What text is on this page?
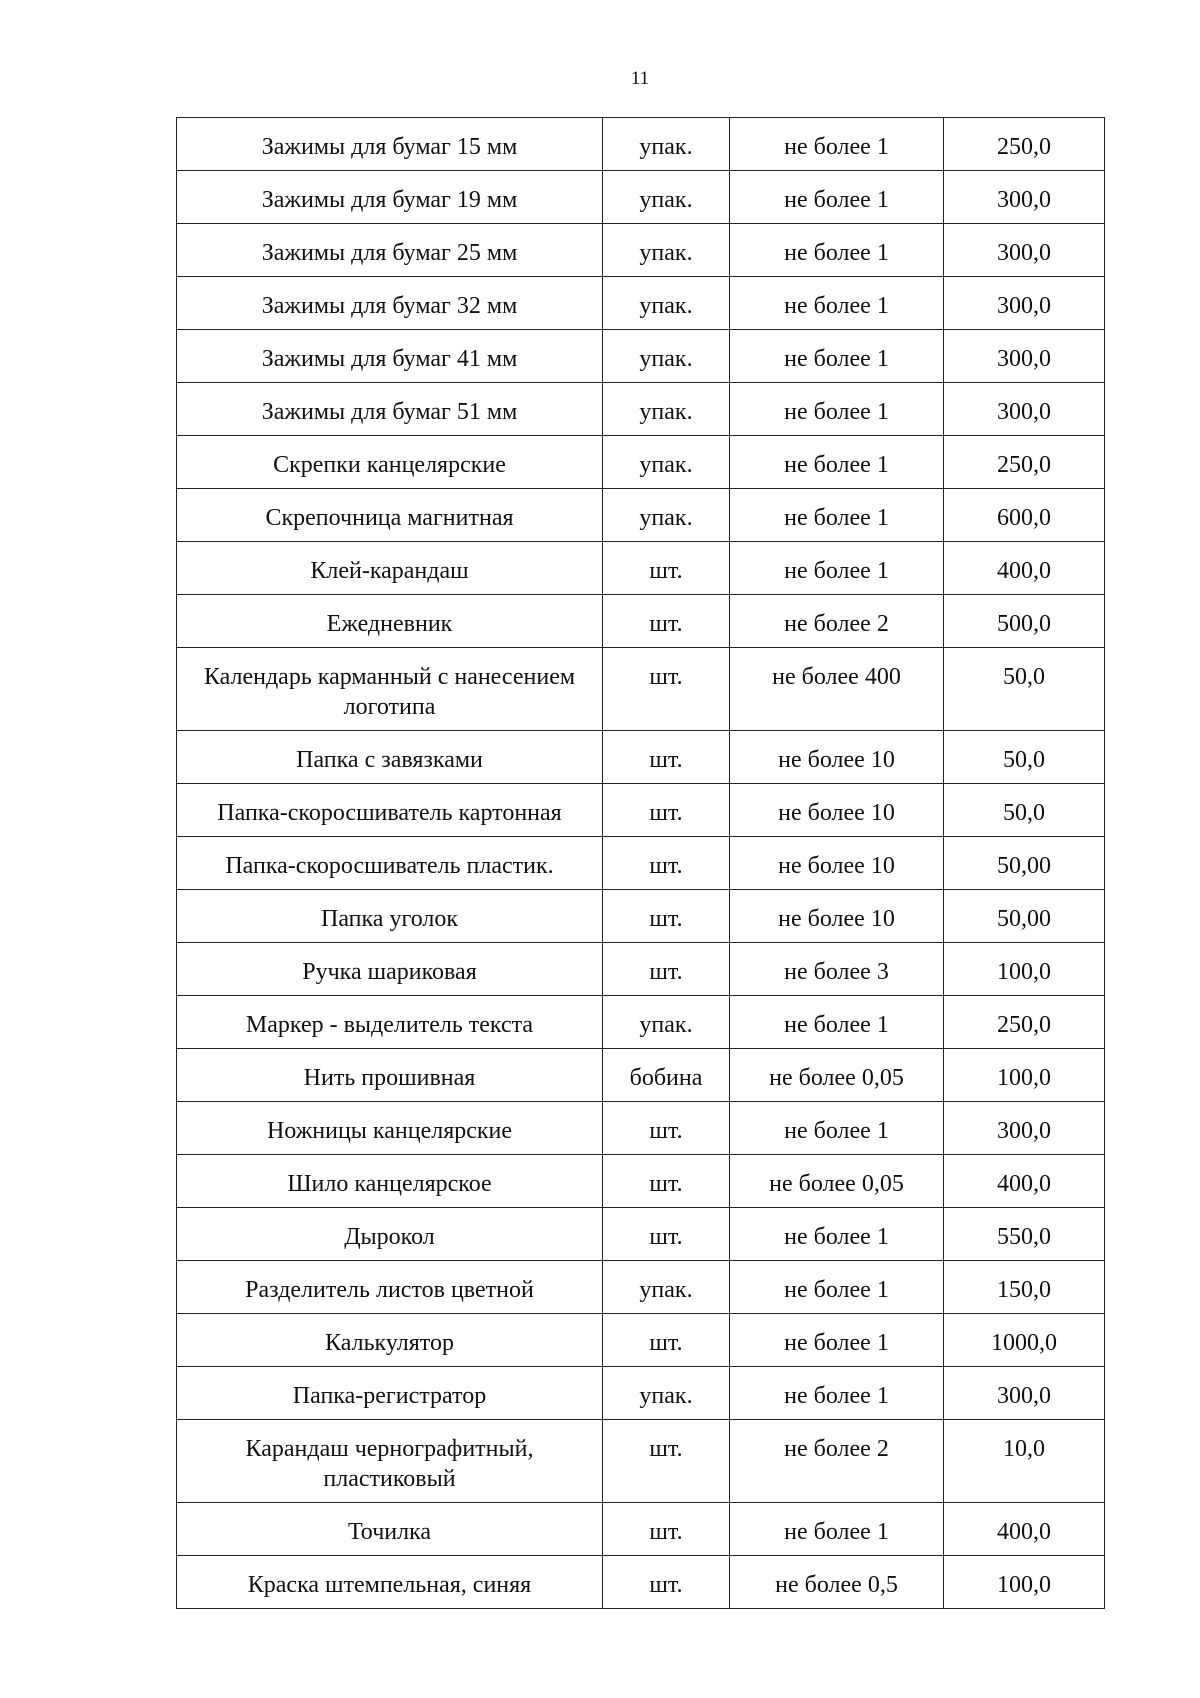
11
Зажимы для бумаг 15 мм	упак.	не более 1	250,0
Зажимы для бумаг 19 мм	упак.	не более 1	300,0
Зажимы для бумаг 25 мм	упак.	не более 1	300,0
Зажимы для бумаг 32 мм	упак.	не более 1	300,0
Зажимы для бумаг 41 мм	упак.	не более 1	300,0
Зажимы для бумаг 51 мм	упак.	не более 1	300,0
Скрепки канцелярские	упак.	не более 1	250,0
Скрепочница магнитная	упак.	не более 1	600,0
Клей-карандаш	шт.	не более 1	400,0
Ежедневник	шт.	не более 2	500,0
Календарь карманный с нанесением логотипа	шт.	не более 400	50,0
Папка с завязками	шт.	не более 10	50,0
Папка-скоросшиватель картонная	шт.	не более 10	50,0
Папка-скоросшиватель пластик.	шт.	не более 10	50,00
Папка уголок	шт.	не более 10	50,00
Ручка шариковая	шт.	не более 3	100,0
Маркер - выделитель текста	упак.	не более 1	250,0
Нить прошивная	бобина	не более 0,05	100,0
Ножницы канцелярские	шт.	не более 1	300,0
Шило канцелярское	шт.	не более 0,05	400,0
Дырокол	шт.	не более 1	550,0
Разделитель листов цветной	упак.	не более 1	150,0
Калькулятор	шт.	не более 1	1000,0
Папка-регистратор	упак.	не более 1	300,0
Карандаш чернографитный, пластиковый	шт.	не более 2	10,0
Точилка	шт.	не более 1	400,0
Краска штемпельная, синяя	шт.	не более 0,5	100,0
